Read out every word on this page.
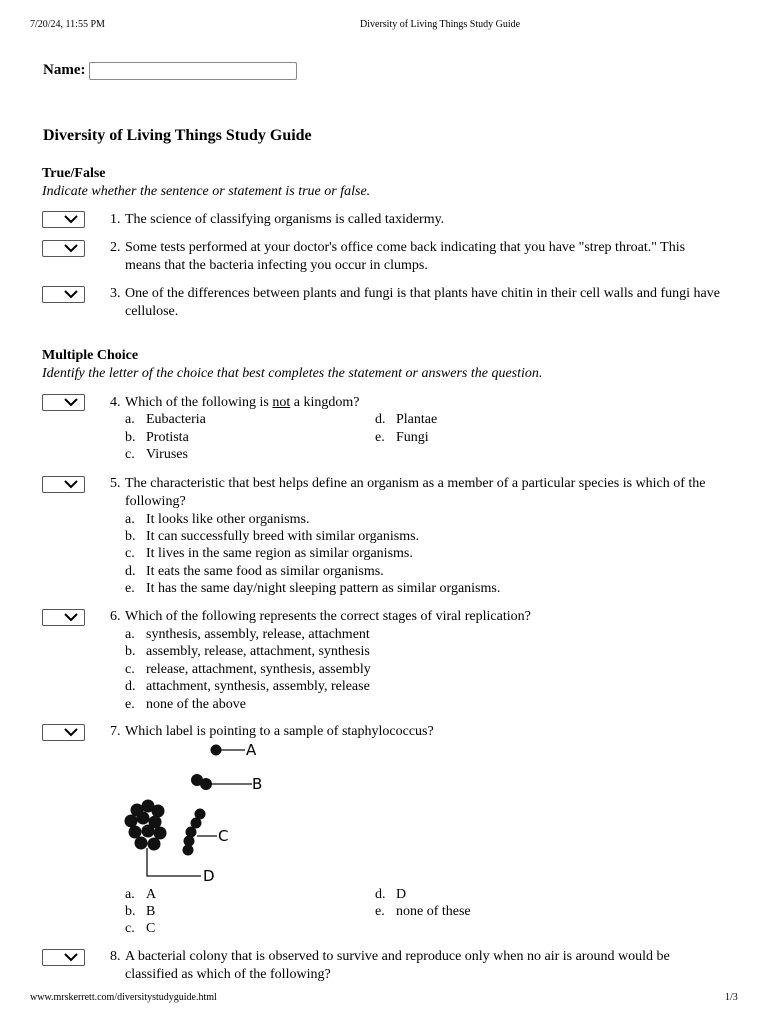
7/20/24, 11:55 PM	Diversity of Living Things Study Guide
Name:
Diversity of Living Things Study Guide
True/False
Indicate whether the sentence or statement is true or false.
1. The science of classifying organisms is called taxidermy.
2. Some tests performed at your doctor's office come back indicating that you have "strep throat." This means that the bacteria infecting you occur in clumps.
3. One of the differences between plants and fungi is that plants have chitin in their cell walls and fungi have cellulose.
Multiple Choice
Identify the letter of the choice that best completes the statement or answers the question.
4. Which of the following is not a kingdom?
a. Eubacteria
b. Protista
c. Viruses
d. Plantae
e. Fungi
5. The characteristic that best helps define an organism as a member of a particular species is which of the following?
a. It looks like other organisms.
b. It can successfully breed with similar organisms.
c. It lives in the same region as similar organisms.
d. It eats the same food as similar organisms.
e. It has the same day/night sleeping pattern as similar organisms.
6. Which of the following represents the correct stages of viral replication?
a. synthesis, assembly, release, attachment
b. assembly, release, attachment, synthesis
c. release, attachment, synthesis, assembly
d. attachment, synthesis, assembly, release
e. none of the above
7. Which label is pointing to a sample of staphylococcus?
A
B
C
D
a. A
b. B
c. C
d. D
e. none of these
8. A bacterial colony that is observed to survive and reproduce only when no air is around would be classified as which of the following?
www.mrskerrett.com/diversitystudyguide.html	1/3
